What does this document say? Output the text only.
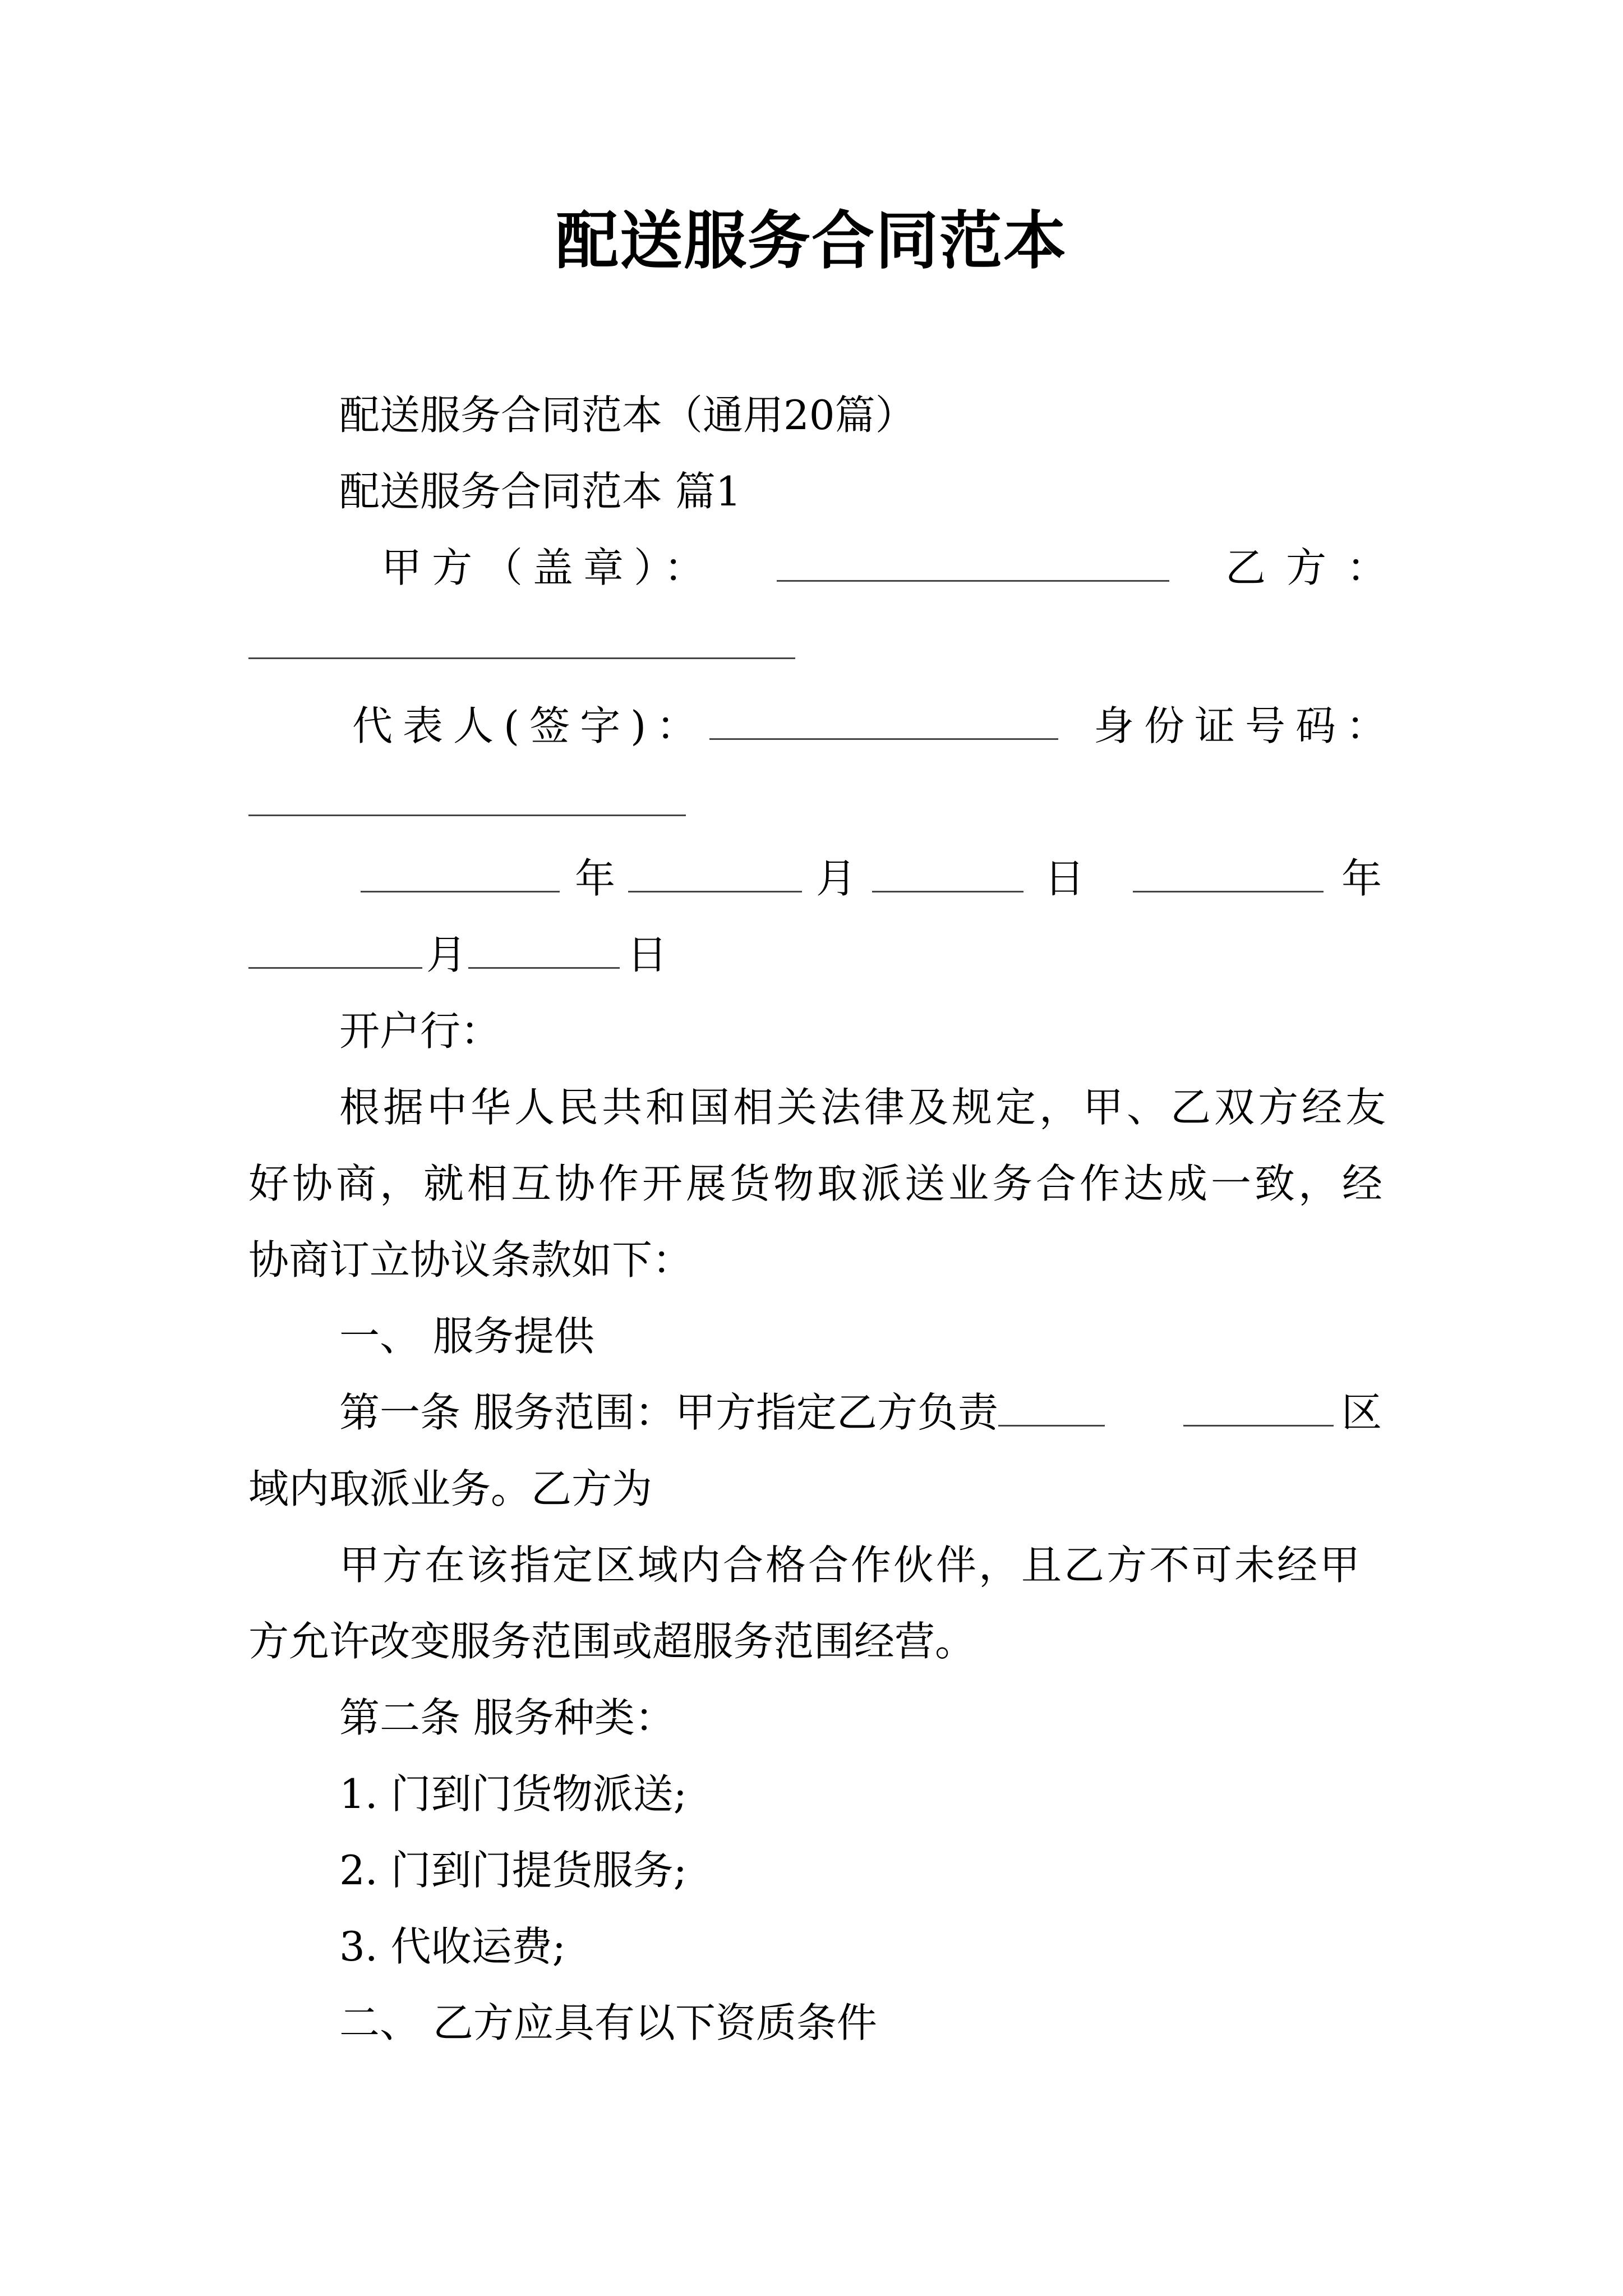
配送服务合同范本
配送服务合同范本（通用20篇）
配送服务合同范本 篇1
甲方（盖章）：	乙方：
代表人(签字)：	身份证号码：
年	月	日	年
月	日
开户行：
根据中华人民共和国相关法律及规定，甲、乙双方经友
好协商，就相互协作开展货物取派送业务合作达成一致，经
协商订立协议条款如下：
一、 服务提供
第一条 服务范围：甲方指定乙方负责	区
域内取派业务。乙方为
甲方在该指定区域内合格合作伙伴，且乙方不可未经甲
方允许改变服务范围或超服务范围经营。
第二条 服务种类：
1. 门到门货物派送;
2. 门到门提货服务;
3. 代收运费;
二、 乙方应具有以下资质条件
